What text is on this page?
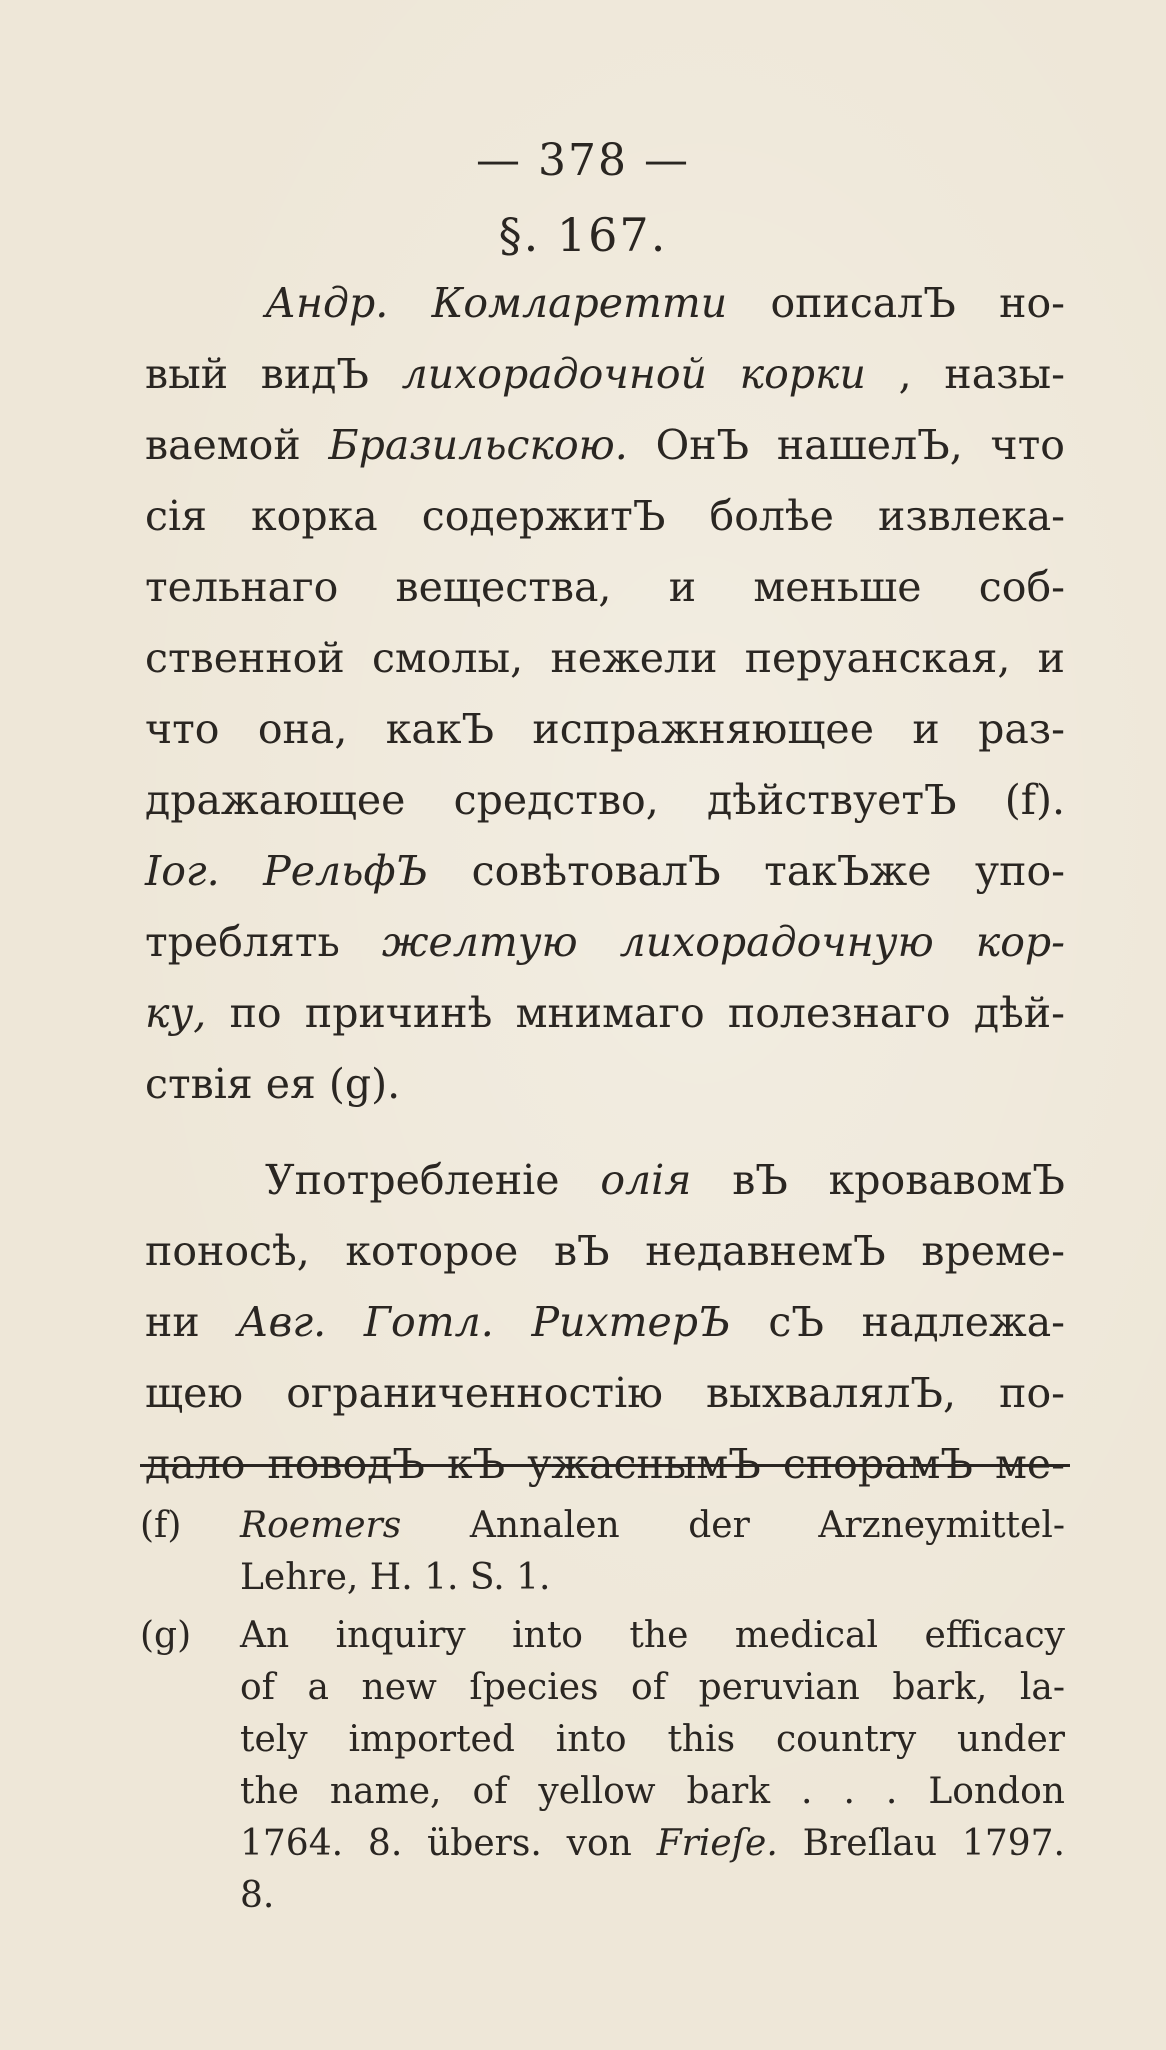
— 378 —
§. 167.
Андр. Комларетти описалЪ но-
вый видЪ лихорадочной корки , назы-
ваемой Бразильскою. ОнЪ нашелЪ, что
сія корка содержитЪ болѣе извлека-
тельнаго вещества, и меньше соб-
ственной смолы, нежели перуанская, и
что она, какЪ испражняющее и раз-
дражающее средство, дѣйствуетЪ (f).
Іог. РельфЪ совѣтовалЪ такЪже упо-
треблять желтую лихорадочную кор-
ку, по причинѣ мнимаго полезнаго дѣй-
ствія ея (g).
Употребленіе олія вЪ кровавомЪ
поносѣ, которое вЪ недавнемЪ време-
ни Авг. Готл. РихтерЪ сЪ надлежа-
щею ограниченностію выхвалялЪ, по-
дало поводЪ кЪ ужаснымЪ спорамЪ ме-
(f) Roemers Annalen der Arzneymittel-
Lehre, H. 1. S. 1.
(g) An inquiry into the medical efficacy
of a new ſpecies of peruvian bark, la-
tely imported into this country under
the name, of yellow bark . . . London
1764. 8. übers. von Frieſe. Breſlau 1797.
8.
